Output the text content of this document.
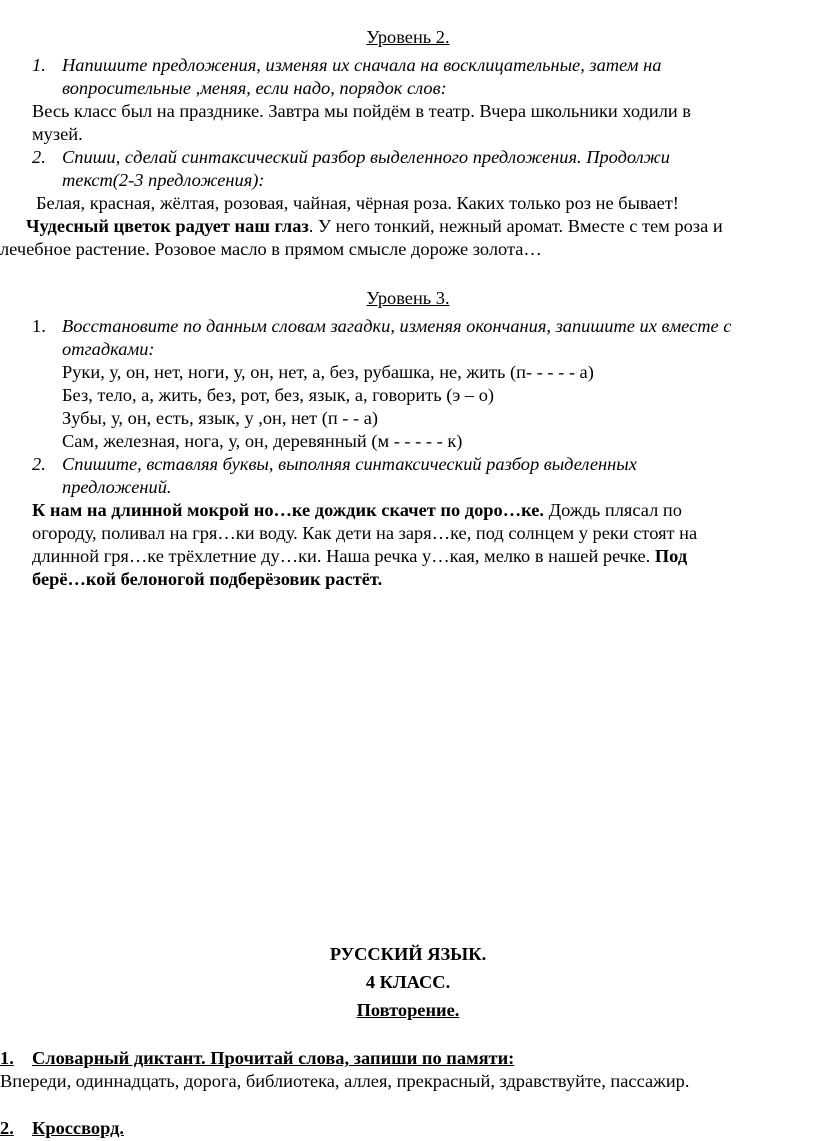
Уровень 2.
1. Напишите предложения, изменяя их сначала на восклицательные, затем на
вопросительные ,меняя, если надо, порядок слов:
Весь класс был на празднике. Завтра мы пойдём в театр. Вчера школьники ходили в
музей.
2. Спиши, сделай синтаксический разбор выделенного предложения. Продолжи
текст(2-3 предложения):
Белая, красная, жёлтая, розовая, чайная, чёрная роза. Каких только роз не бывает!
Чудесный цветок радует наш глаз. У него тонкий, нежный аромат. Вместе с тем роза и
лечебное растение. Розовое масло в прямом смысле дороже золота…
Уровень 3.
1. Восстановите по данным словам загадки, изменяя окончания, запишите их вместе с
отгадками:
Руки, у, он, нет, ноги, у, он, нет, а, без, рубашка, не, жить (п- - - - - а)
Без, тело, а, жить, без, рот, без, язык, а, говорить (э – о)
Зубы, у, он, есть, язык, у ,он, нет (п - - а)
Сам, железная, нога, у, он, деревянный (м - - - - - к)
2. Спишите, вставляя буквы, выполняя синтаксический разбор выделенных
предложений.
К нам на длинной мокрой но…ке дождик скачет по доро…ке. Дождь плясал по
огороду, поливал на гря…ки воду. Как дети на заря…ке, под солнцем у реки стоят на
длинной гря…ке трёхлетние ду…ки. Наша речка у…кая, мелко в нашей речке. Под
берё…кой белоногой подберёзовик растёт.
РУССКИЙ ЯЗЫК.
4 КЛАСС.
Повторение.
1. Словарный диктант. Прочитай слова, запиши по памяти:
Впереди, одиннадцать, дорога, библиотека, аллея, прекрасный, здравствуйте, пассажир.
2. Кроссворд.
